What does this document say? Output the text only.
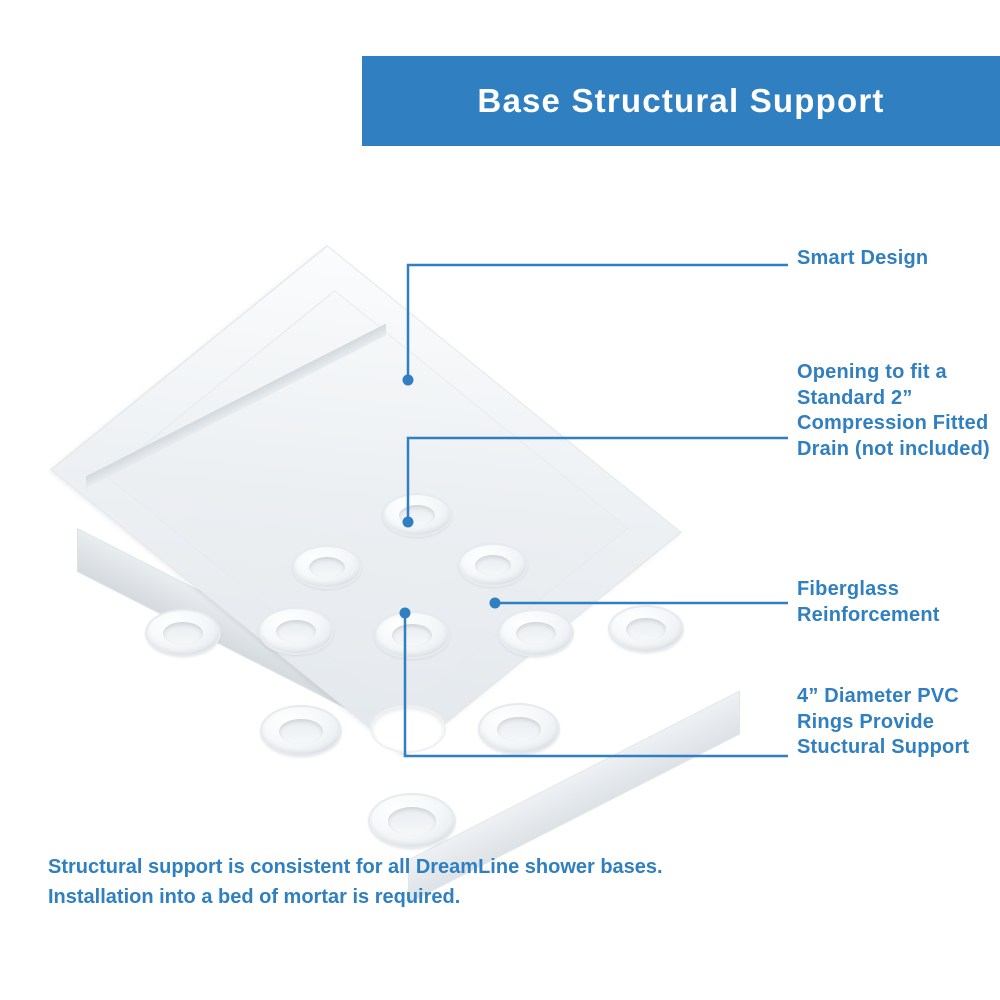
Base Structural Support
Smart Design
Opening to fit a Standard 2” Compression Fitted Drain (not included)
Fiberglass Reinforcement
4” Diameter PVC Rings Provide Stuctural Support
Structural support is consistent for all DreamLine shower bases. Installation into a bed of mortar is required.
